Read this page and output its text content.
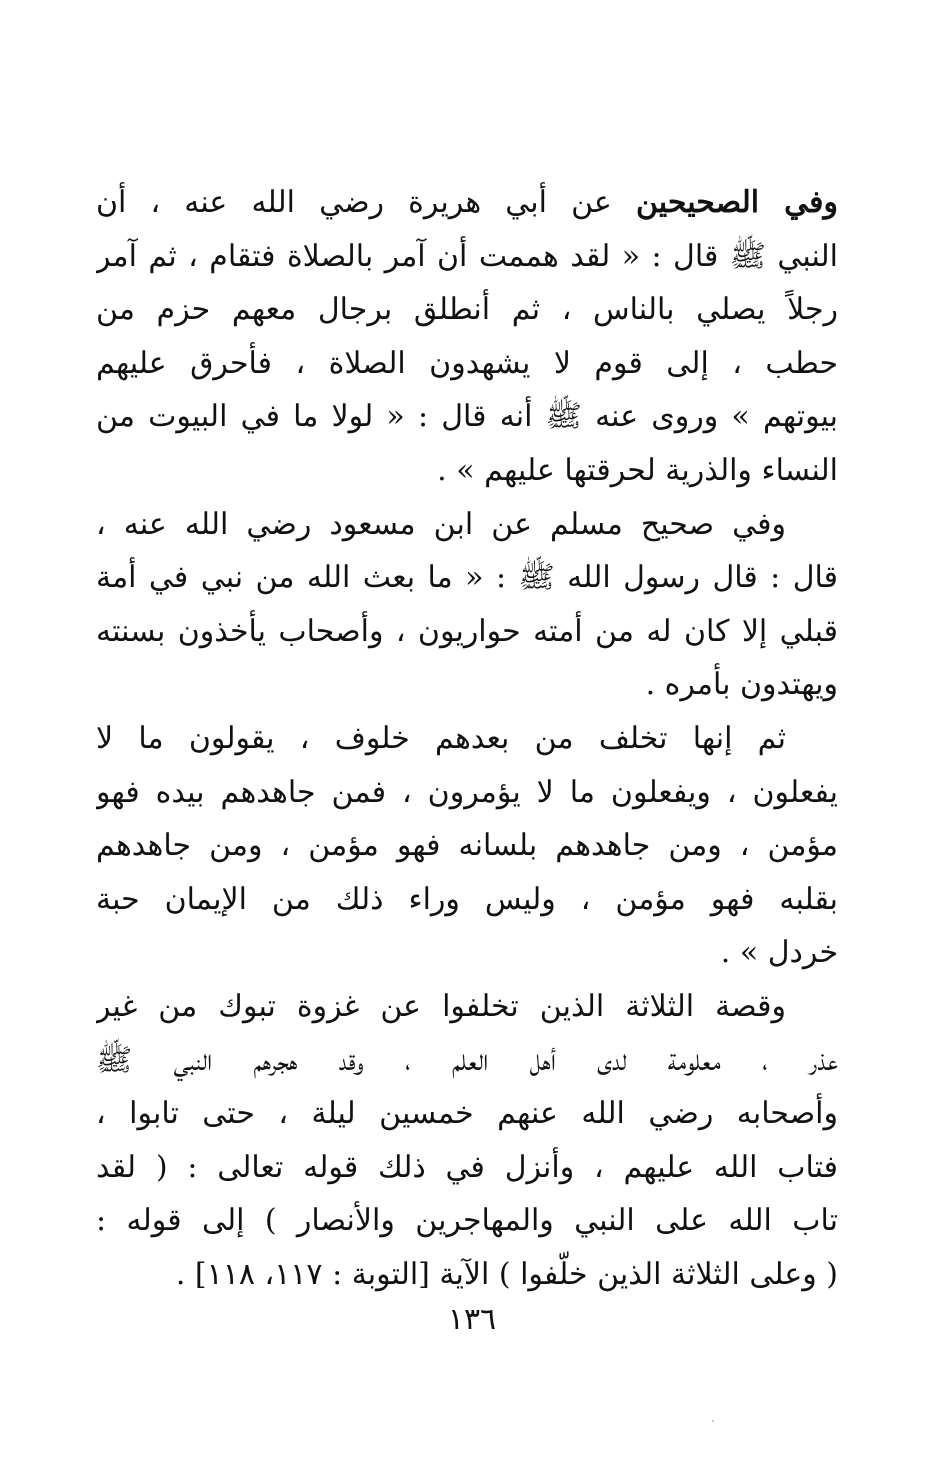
وفي الصحيحين عن أبي هريرة رضي الله عنه ، أن
النبي ﷺ قال : « لقد هممت أن آمر بالصلاة فتقام ، ثم آمر
رجلاً يصلي بالناس ، ثم أنطلق برجال معهم حزم من
حطب ، إلى قوم لا يشهدون الصلاة ، فأحرق عليهم
بيوتهم » وروى عنه ﷺ أنه قال : « لولا ما في البيوت من
النساء والذرية لحرقتها عليهم » .
وفي صحيح مسلم عن ابن مسعود رضي الله عنه ،
قال : قال رسول الله ﷺ : « ما بعث الله من نبي في أمة
قبلي إلا كان له من أمته حواريون ، وأصحاب يأخذون بسنته
ويهتدون بأمره .
ثم إنها تخلف من بعدهم خلوف ، يقولون ما لا
يفعلون ، ويفعلون ما لا يؤمرون ، فمن جاهدهم بيده فهو
مؤمن ، ومن جاهدهم بلسانه فهو مؤمن ، ومن جاهدهم
بقلبه فهو مؤمن ، وليس وراء ذلك من الإيمان حبة
خردل » .
وقصة الثلاثة الذين تخلفوا عن غزوة تبوك من غير
عذر ، معلومة لدى أهل العلم ، وقد هجرهم النبي ﷺ
وأصحابه رضي الله عنهم خمسين ليلة ، حتى تابوا ،
فتاب الله عليهم ، وأنزل في ذلك قوله تعالى : ( لقد
تاب الله على النبي والمهاجرين والأنصار ) إلى قوله :
( وعلى الثلاثة الذين خلّفوا ) الآية [التوبة : ١١٧، ١١٨] .
١٣٦
